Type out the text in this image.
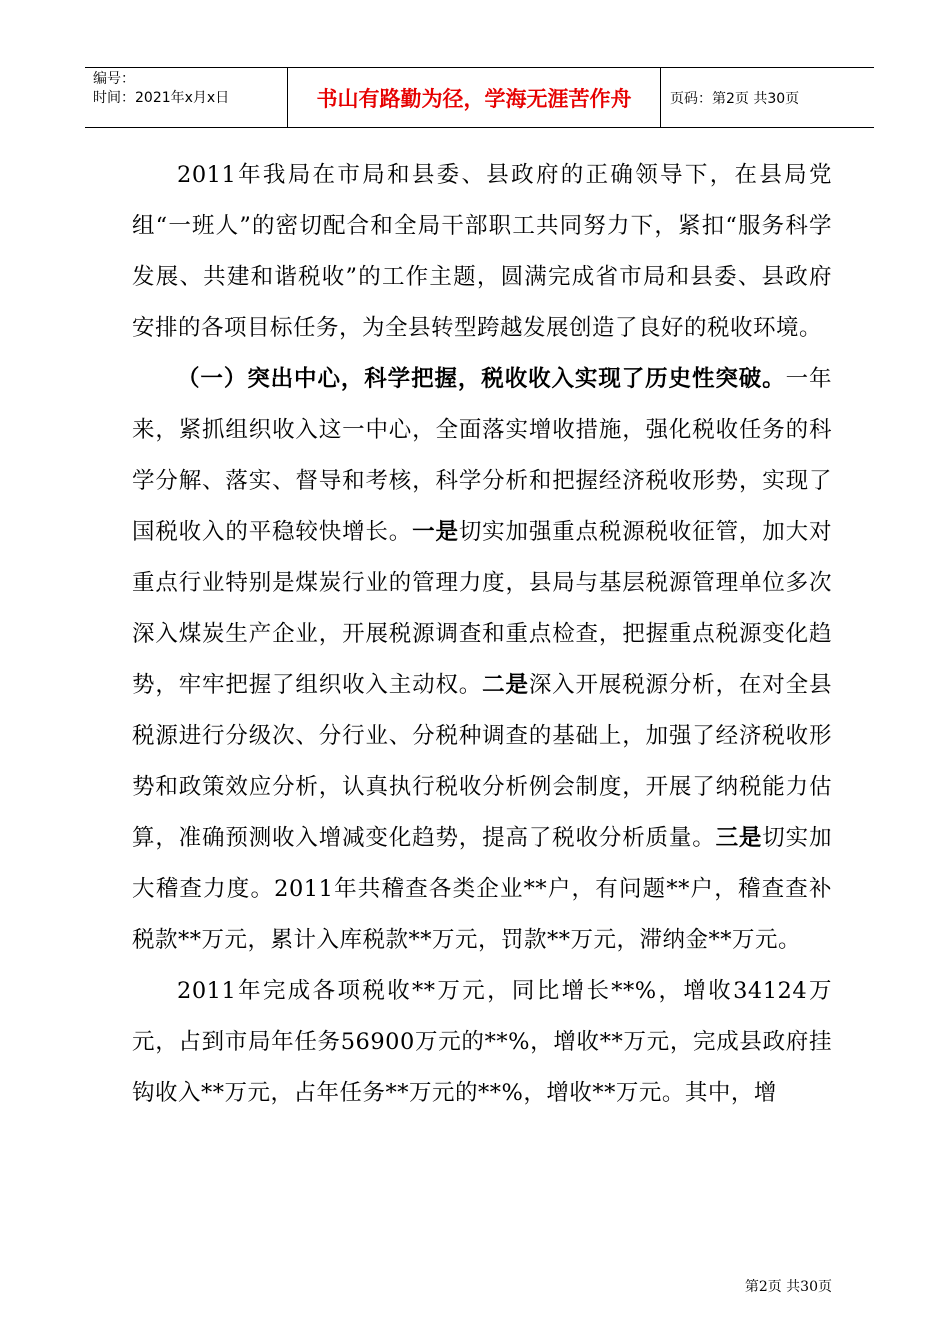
编号：
时间：2021年x月x日	书山有路勤为径，学海无涯苦作舟	页码：第2页 共30页

2011年我局在市局和县委、县政府的正确领导下，在县局党组“一班人”的密切配合和全局干部职工共同努力下，紧扣“服务科学发展、共建和谐税收”的工作主题，圆满完成省市局和县委、县政府安排的各项目标任务，为全县转型跨越发展创造了良好的税收环境。

（一）突出中心，科学把握，税收收入实现了历史性突破。一年来，紧抓组织收入这一中心，全面落实增收措施，强化税收任务的科学分解、落实、督导和考核，科学分析和把握经济税收形势，实现了国税收入的平稳较快增长。一是切实加强重点税源税收征管，加大对重点行业特别是煤炭行业的管理力度，县局与基层税源管理单位多次深入煤炭生产企业，开展税源调查和重点检查，把握重点税源变化趋势，牢牢把握了组织收入主动权。二是深入开展税源分析，在对全县税源进行分级次、分行业、分税种调查的基础上，加强了经济税收形势和政策效应分析，认真执行税收分析例会制度，开展了纳税能力估算，准确预测收入增减变化趋势，提高了税收分析质量。三是切实加大稽查力度。2011年共稽查各类企业**户，有问题**户，稽查查补税款**万元，累计入库税款**万元，罚款**万元，滞纳金**万元。

2011年完成各项税收**万元，同比增长**%，增收34124万元，占到市局年任务56900万元的**%，增收**万元，完成县政府挂钩收入**万元，占年任务**万元的**%，增收**万元。其中，增

第2页 共30页
